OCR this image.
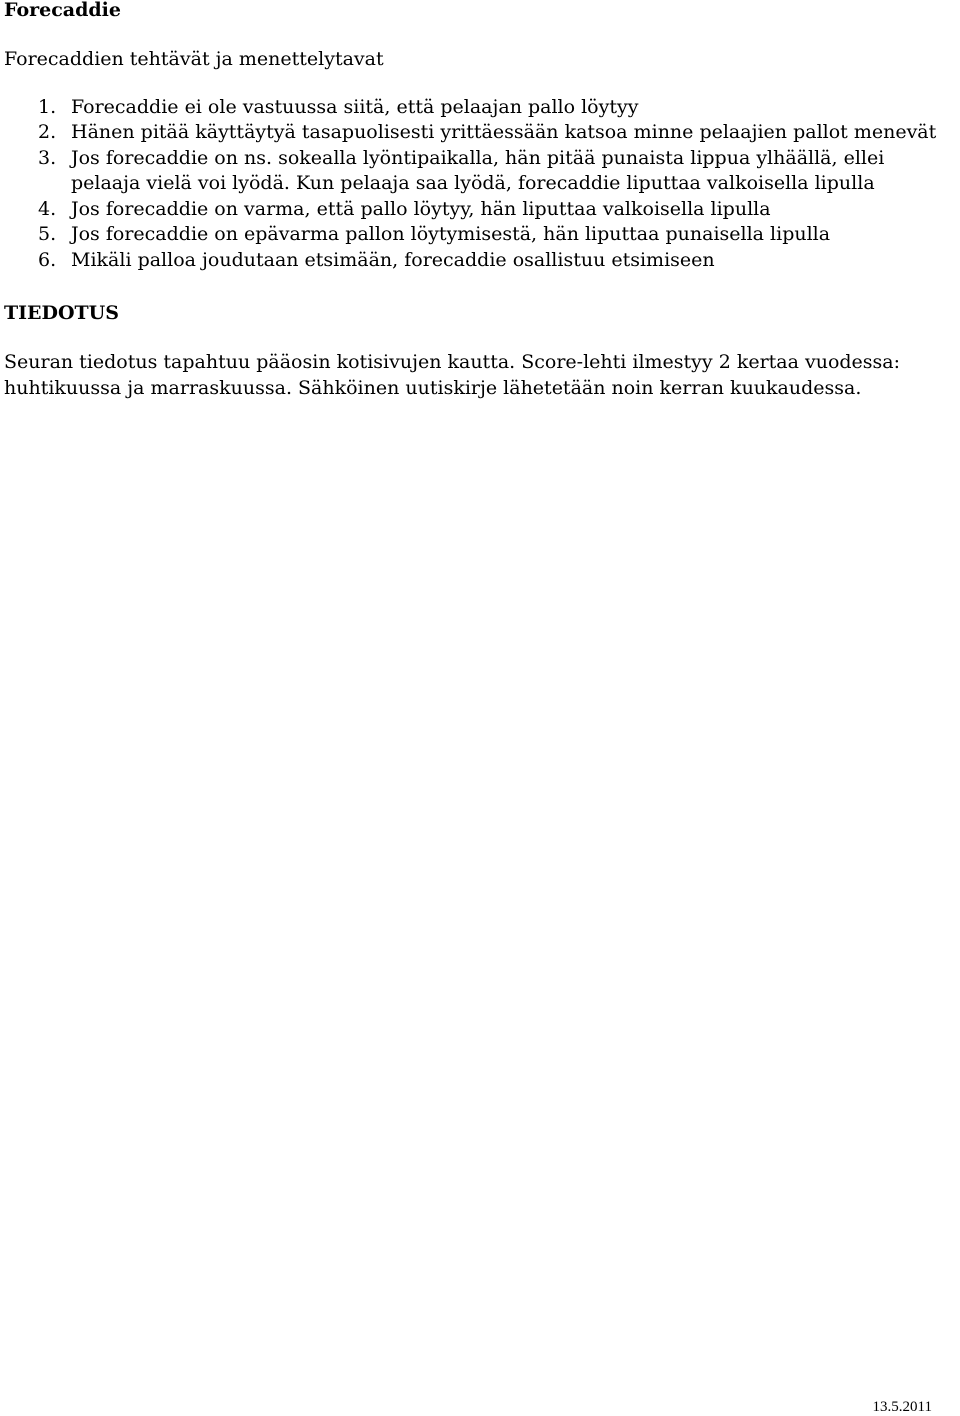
Forecaddie

Forecaddien tehtävät ja menettelytavat

1. Forecaddie ei ole vastuussa siitä, että pelaajan pallo löytyy
2. Hänen pitää käyttäytyä tasapuolisesti yrittäessään katsoa minne pelaajien pallot menevät
3. Jos forecaddie on ns. sokealla lyöntipaikalla, hän pitää punaista lippua ylhäällä, ellei pelaaja vielä voi lyödä. Kun pelaaja saa lyödä, forecaddie liputtaa valkoisella lipulla
4. Jos forecaddie on varma, että pallo löytyy, hän liputtaa valkoisella lipulla
5. Jos forecaddie on epävarma pallon löytymisestä, hän liputtaa punaisella lipulla
6. Mikäli palloa joudutaan etsimään, forecaddie osallistuu etsimiseen
TIEDOTUS

Seuran tiedotus tapahtuu pääosin kotisivujen kautta. Score-lehti ilmestyy 2 kertaa vuodessa: huhtikuussa ja marraskuussa. Sähköinen uutiskirje lähetetään noin kerran kuukaudessa.

13.5.2011
